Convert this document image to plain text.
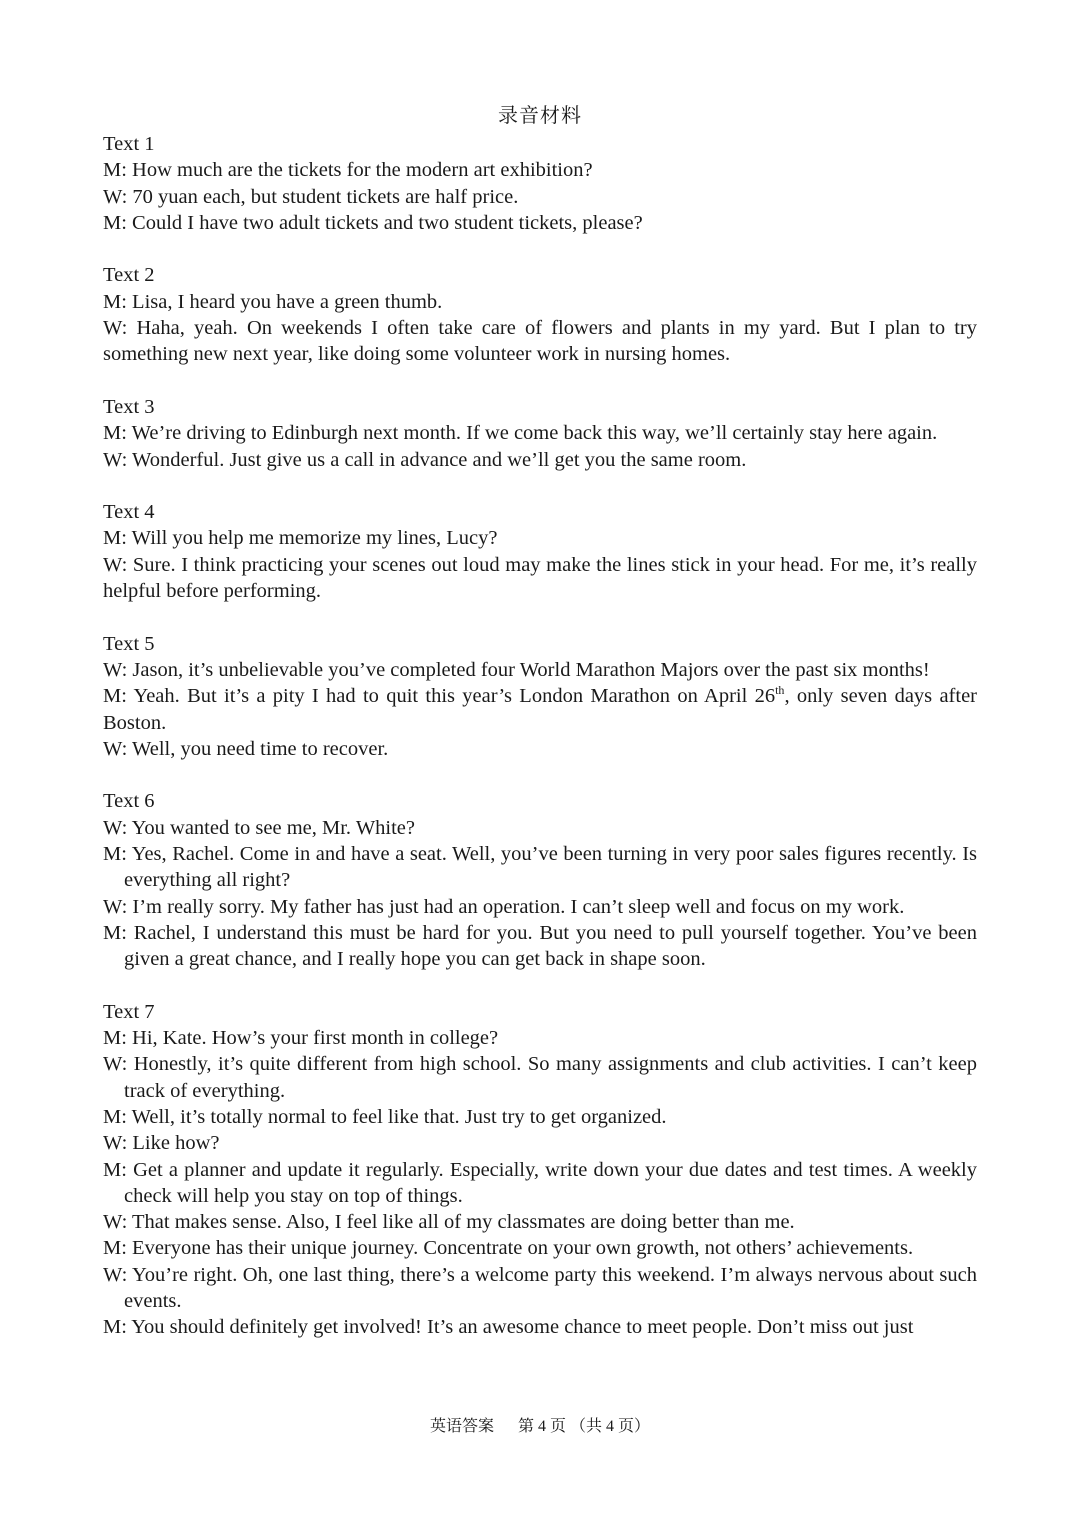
录音材料
Text 1
M: How much are the tickets for the modern art exhibition?
W: 70 yuan each, but student tickets are half price.
M: Could I have two adult tickets and two student tickets, please?
Text 2
M: Lisa, I heard you have a green thumb.
W: Haha, yeah. On weekends I often take care of flowers and plants in my yard. But I plan to try something new next year, like doing some volunteer work in nursing homes.
Text 3
M: We’re driving to Edinburgh next month. If we come back this way, we’ll certainly stay here again.
W: Wonderful. Just give us a call in advance and we’ll get you the same room.
Text 4
M: Will you help me memorize my lines, Lucy?
W: Sure. I think practicing your scenes out loud may make the lines stick in your head. For me, it’s really helpful before performing.
Text 5
W: Jason, it’s unbelievable you’ve completed four World Marathon Majors over the past six months!
M: Yeah. But it’s a pity I had to quit this year’s London Marathon on April 26th, only seven days after Boston.
W: Well, you need time to recover.
Text 6
W: You wanted to see me, Mr. White?
M: Yes, Rachel. Come in and have a seat. Well, you’ve been turning in very poor sales figures recently. Is everything all right?
W: I’m really sorry. My father has just had an operation. I can’t sleep well and focus on my work.
M: Rachel, I understand this must be hard for you. But you need to pull yourself together. You’ve been given a great chance, and I really hope you can get back in shape soon.
Text 7
M: Hi, Kate. How’s your first month in college?
W: Honestly, it’s quite different from high school. So many assignments and club activities. I can’t keep track of everything.
M: Well, it’s totally normal to feel like that. Just try to get organized.
W: Like how?
M: Get a planner and update it regularly. Especially, write down your due dates and test times. A weekly check will help you stay on top of things.
W: That makes sense. Also, I feel like all of my classmates are doing better than me.
M: Everyone has their unique journey. Concentrate on your own growth, not others’ achievements.
W: You’re right. Oh, one last thing, there’s a welcome party this weekend. I’m always nervous about such events.
M: You should definitely get involved! It’s an awesome chance to meet people. Don’t miss out just
英语答案 第 4 页 （共 4 页）
